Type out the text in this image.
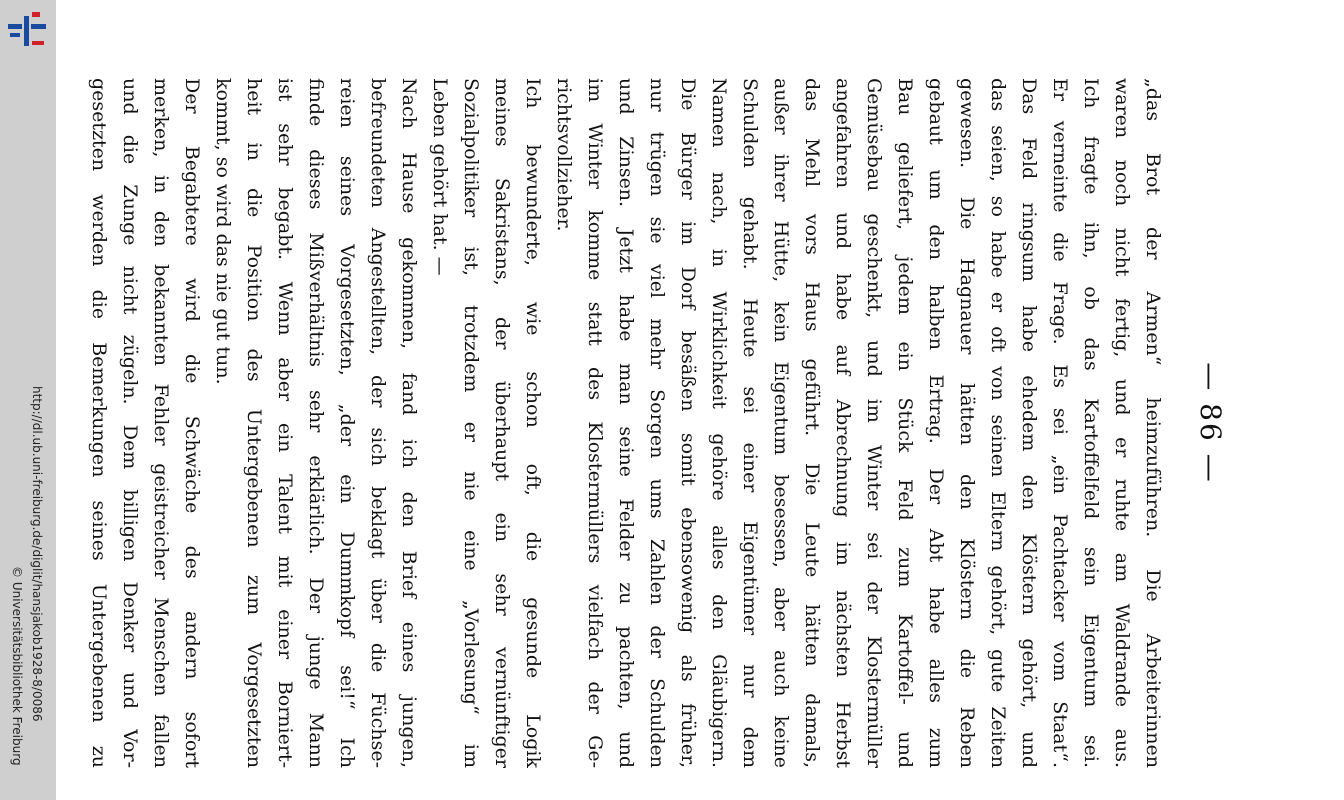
http://dl.ub.uni-freiburg.de/diglit/hansjakob1928-8/0086
© Universitätsbibliothek Freiburg
— 86 —
„das Brot der Armen“ heimzuführen. Die Arbeiterinnen
waren noch nicht fertig, und er ruhte am Waldrande aus.
Ich fragte ihn, ob das Kartoffelfeld sein Eigentum sei.
Er verneinte die Frage. Es sei „ein Pachtacker vom Staat“.
Das Feld ringsum habe ehedem den Klöstern gehört, und
das seien, so habe er oft von seinen Eltern gehört, gute Zeiten
gewesen. Die Hagnauer hätten den Klöstern die Reben
gebaut um den halben Ertrag. Der Abt habe alles zum
Bau geliefert, jedem ein Stück Feld zum Kartoffel- und
Gemüsebau geschenkt, und im Winter sei der Klostermüller
angefahren und habe auf Abrechnung im nächsten Herbst
das Mehl vors Haus geführt. Die Leute hätten damals,
außer ihrer Hütte, kein Eigentum besessen, aber auch keine
Schulden gehabt. Heute sei einer Eigentümer nur dem
Namen nach, in Wirklichkeit gehöre alles den Gläubigern.
Die Bürger im Dorf besäßen somit ebensowenig als früher,
nur trügen sie viel mehr Sorgen ums Zahlen der Schulden
und Zinsen. Jetzt habe man seine Felder zu pachten, und
im Winter komme statt des Klostermüllers vielfach der Ge-
richtsvollzieher.
Ich bewunderte, wie schon oft, die gesunde Logik
meines Sakristans, der überhaupt ein sehr vernünftiger
Sozialpolitiker ist, trotzdem er nie eine „Vorlesung“ im
Leben gehört hat. —
Nach Hause gekommen, fand ich den Brief eines jungen,
befreundeten Angestellten, der sich beklagt über die Füchse-
reien seines Vorgesetzten, „der ein Dummkopf sei!“ Ich
finde dieses Mißverhältnis sehr erklärlich. Der junge Mann
ist sehr begabt. Wenn aber ein Talent mit einer Borniert-
heit in die Position des Untergebenen zum Vorgesetzten
kommt, so wird das nie gut tun.
Der Begabtere wird die Schwäche des andern sofort
merken, in den bekannten Fehler geistreicher Menschen fallen
und die Zunge nicht zügeln. Dem billigen Denker und Vor-
gesetzten werden die Bemerkungen seines Untergebenen zu
